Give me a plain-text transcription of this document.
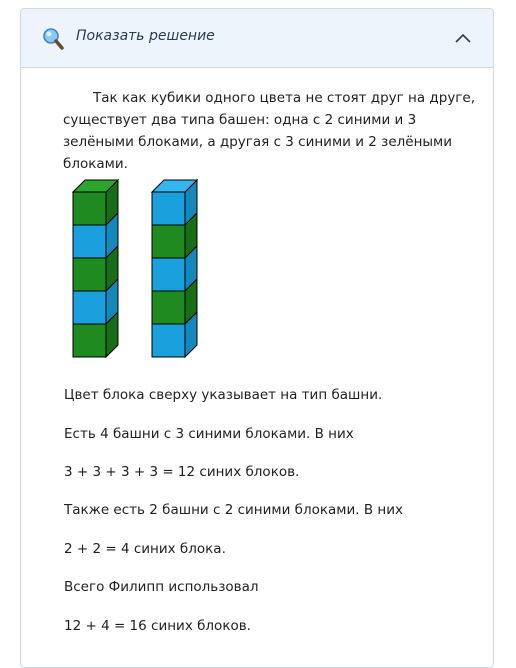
Показать решение
Так как кубики одного цвета не стоят друг на друге, существует два типа башен: одна с 2 синими и 3 зелёными блоками, а другая с 3 синими и 2 зелёными блоками.
Цвет блока сверху указывает на тип башни.
Есть 4 башни с 3 синими блоками. В них
3 + 3 + 3 + 3 = 12 синих блоков.
Также есть 2 башни с 2 синими блоками. В них
2 + 2 = 4 синих блока.
Всего Филипп использовал
12 + 4 = 16 синих блоков.
